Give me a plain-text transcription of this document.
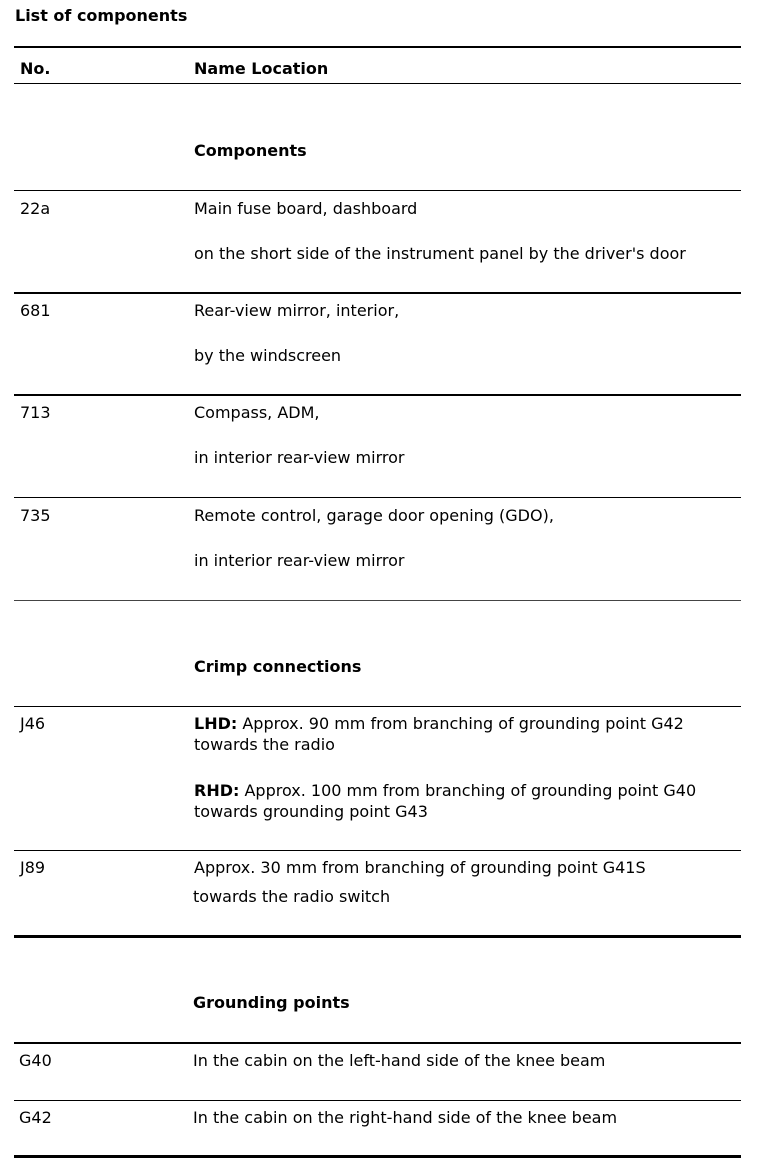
List of components
No.	Name Location
Components
22a	Main fuse board, dashboard
on the short side of the instrument panel by the driver's door
681	Rear-view mirror, interior,
by the windscreen
713	Compass, ADM,
in interior rear-view mirror
735	Remote control, garage door opening (GDO),
in interior rear-view mirror
Crimp connections
J46	LHD: Approx. 90 mm from branching of grounding point G42 towards the radio
RHD: Approx. 100 mm from branching of grounding point G40 towards grounding point G43
J89	Approx. 30 mm from branching of grounding point G41S
towards the radio switch
Grounding points
G40	In the cabin on the left-hand side of the knee beam
G42	In the cabin on the right-hand side of the knee beam
